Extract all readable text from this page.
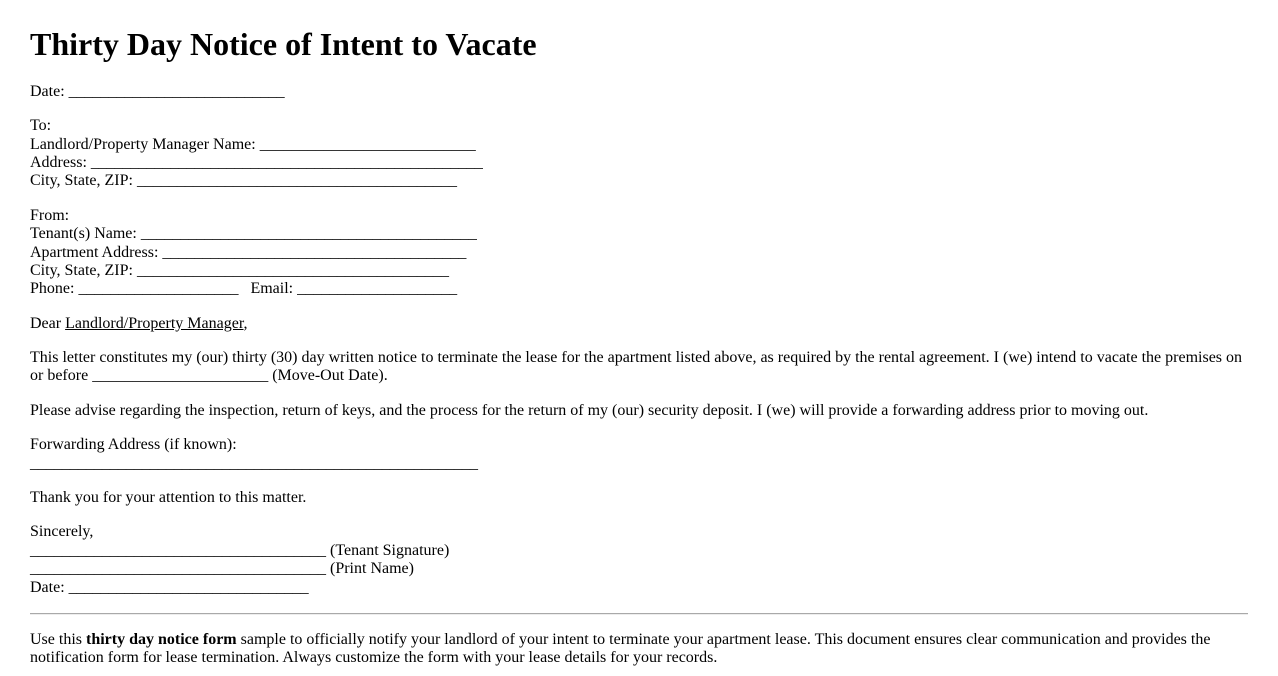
Thirty Day Notice of Intent to Vacate

Date: ___________________________

To:
Landlord/Property Manager Name: ___________________________
Address: _________________________________________________
City, State, ZIP: ________________________________________

From:
Tenant(s) Name: __________________________________________
Apartment Address: ______________________________________
City, State, ZIP: _______________________________________
Phone: ____________________   Email: ____________________

Dear Landlord/Property Manager,

This letter constitutes my (our) thirty (30) day written notice to terminate the lease for the apartment listed above, as required by the rental agreement. I (we) intend to vacate the premises on or before ______________________ (Move-Out Date).

Please advise regarding the inspection, return of keys, and the process for the return of my (our) security deposit. I (we) will provide a forwarding address prior to moving out.

Forwarding Address (if known):
________________________________________________________

Thank you for your attention to this matter.

Sincerely,
_____________________________________ (Tenant Signature)
_____________________________________ (Print Name)
Date: ______________________________

Use this thirty day notice form sample to officially notify your landlord of your intent to terminate your apartment lease. This document ensures clear communication and provides the notification form for lease termination. Always customize the form with your lease details for your records.
